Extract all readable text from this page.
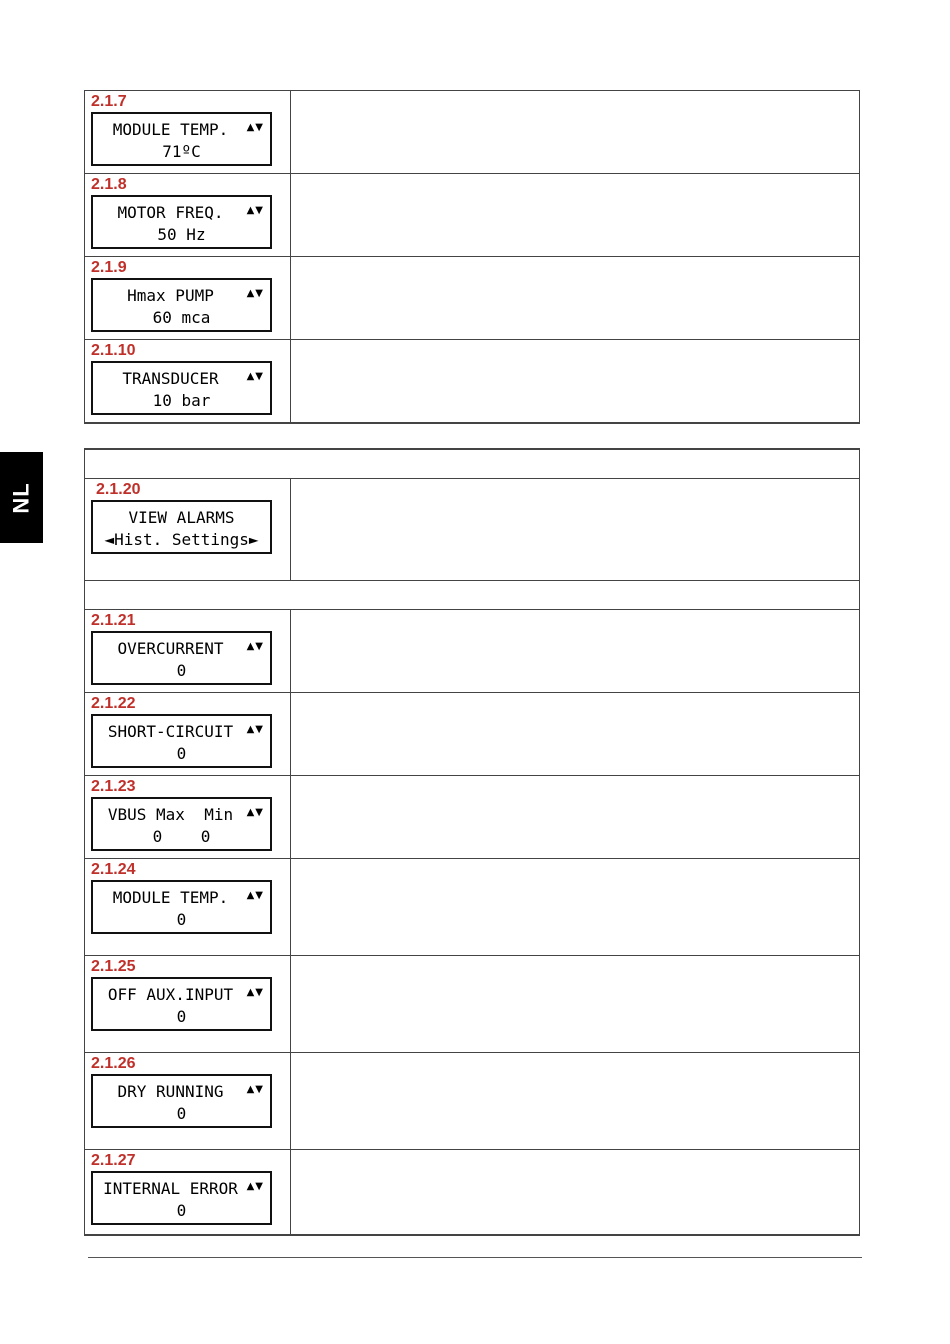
NL
2.1.7
MODULE TEMP.
71ºC
▲▼
2.1.8
MOTOR FREQ.
50 Hz
▲▼
2.1.9
Hmax PUMP
60 mca
▲▼
2.1.10
TRANSDUCER
10 bar
▲▼
2.1.20
VIEW ALARMS
◄Hist. Settings►
2.1.21
OVERCURRENT
0
▲▼
2.1.22
SHORT-CIRCUIT
0
▲▼
2.1.23
VBUS Max  Min
0    0
▲▼
2.1.24
MODULE TEMP.
0
▲▼
2.1.25
OFF AUX.INPUT
0
▲▼
2.1.26
DRY RUNNING
0
▲▼
2.1.27
INTERNAL ERROR
0
▲▼
